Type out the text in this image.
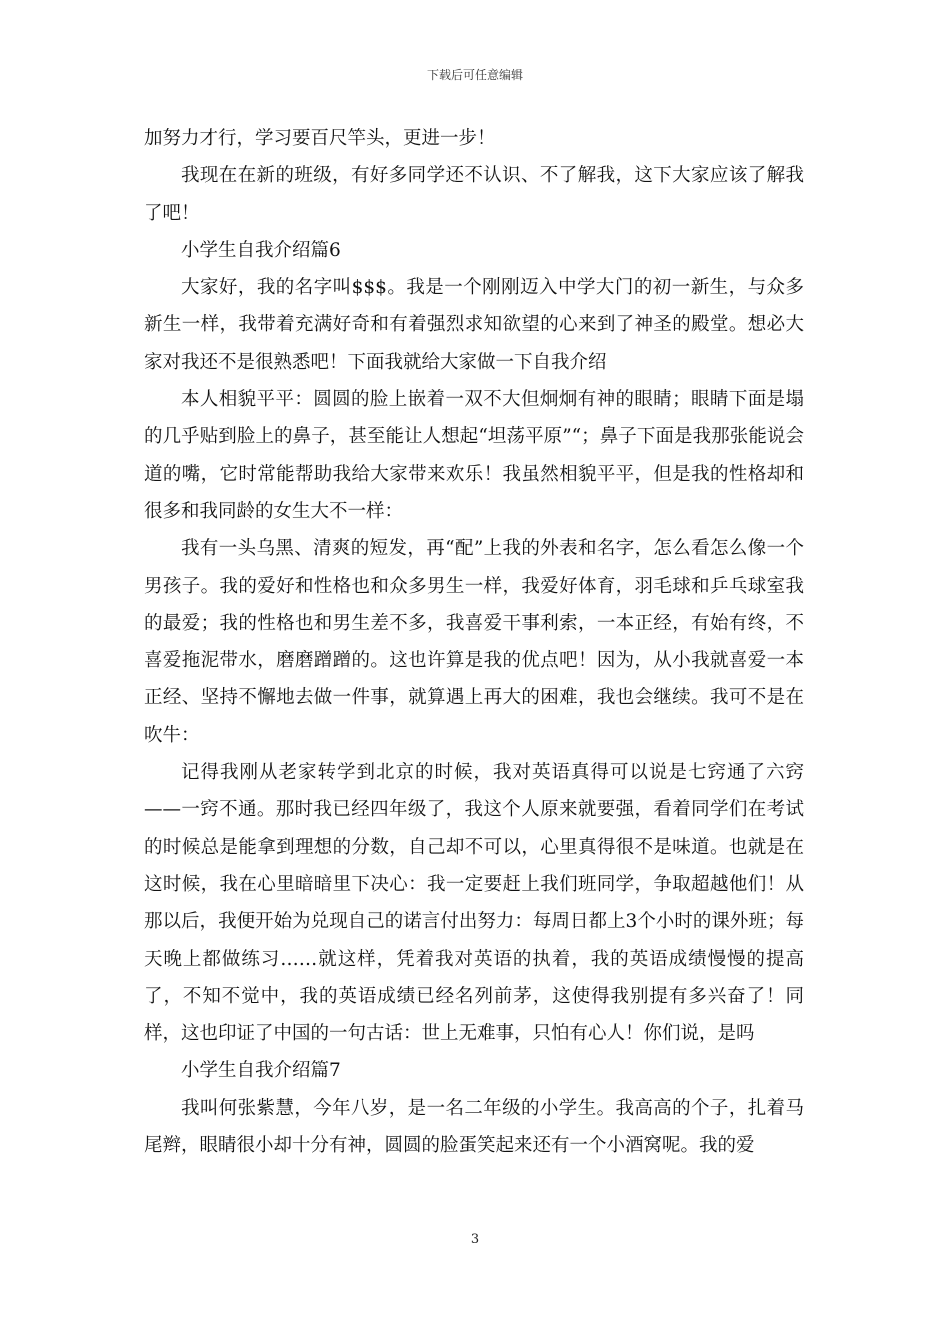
下载后可任意编辑

加努力才行，学习要百尺竿头，更进一步！

我现在在新的班级，有好多同学还不认识、不了解我，这下大家应该了解我了吧！

小学生自我介绍篇6

大家好，我的名字叫$$$。我是一个刚刚迈入中学大门的初一新生，与众多新生一样，我带着充满好奇和有着强烈求知欲望的心来到了神圣的殿堂。想必大家对我还不是很熟悉吧！下面我就给大家做一下自我介绍

本人相貌平平：圆圆的脸上嵌着一双不大但炯炯有神的眼睛；眼睛下面是塌的几乎贴到脸上的鼻子，甚至能让人想起“坦荡平原”“；鼻子下面是我那张能说会道的嘴，它时常能帮助我给大家带来欢乐！我虽然相貌平平，但是我的性格却和很多和我同龄的女生大不一样：

我有一头乌黑、清爽的短发，再“配”上我的外表和名字，怎么看怎么像一个男孩子。我的爱好和性格也和众多男生一样，我爱好体育，羽毛球和乒乓球室我的最爱；我的性格也和男生差不多，我喜爱干事利索，一本正经，有始有终，不喜爱拖泥带水，磨磨蹭蹭的。这也许算是我的优点吧！因为，从小我就喜爱一本正经、坚持不懈地去做一件事，就算遇上再大的困难，我也会继续。我可不是在吹牛：

记得我刚从老家转学到北京的时候，我对英语真得可以说是七窍通了六窍——一窍不通。那时我已经四年级了，我这个人原来就要强，看着同学们在考试的时候总是能拿到理想的分数，自己却不可以，心里真得很不是味道。也就是在这时候，我在心里暗暗里下决心：我一定要赶上我们班同学，争取超越他们！从那以后，我便开始为兑现自己的诺言付出努力：每周日都上3个小时的课外班；每天晚上都做练习……就这样，凭着我对英语的执着，我的英语成绩慢慢的提高了，不知不觉中，我的英语成绩已经名列前茅，这使得我别提有多兴奋了！同样，这也印证了中国的一句古话：世上无难事，只怕有心人！你们说，是吗

小学生自我介绍篇7

我叫何张紫慧，今年八岁，是一名二年级的小学生。我高高的个子，扎着马尾辫，眼睛很小却十分有神，圆圆的脸蛋笑起来还有一个小酒窝呢。我的爱

3
